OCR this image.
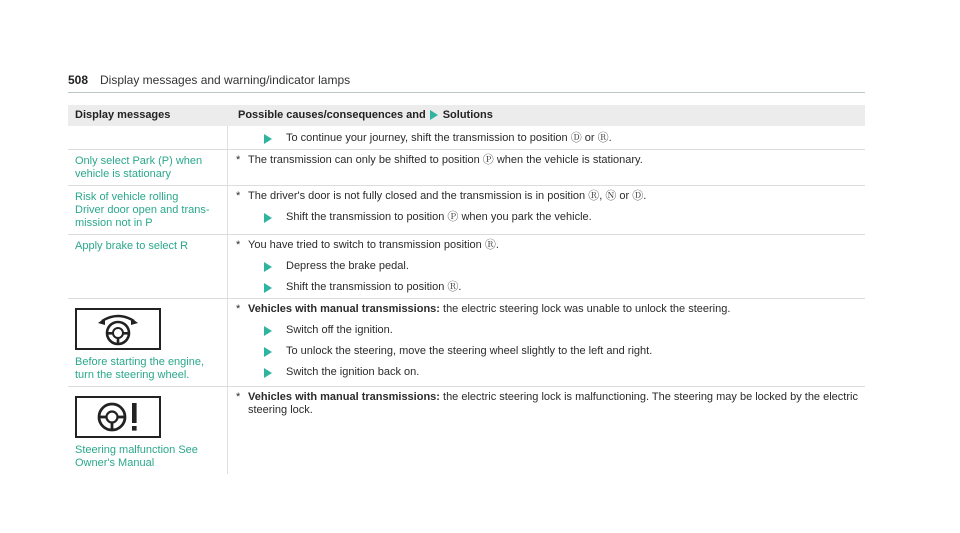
508 Display messages and warning/indicator lamps
Display messages	Possible causes/consequences and Solutions
To continue your journey, shift the transmission to position Ⓓ or Ⓡ.
Only select Park (P) when
vehicle is stationary
* The transmission can only be shifted to position Ⓟ when the vehicle is stationary.
Risk of vehicle rolling
Driver door open and trans-
mission not in P
* The driver's door is not fully closed and the transmission is in position Ⓡ, Ⓝ or Ⓓ.
Shift the transmission to position Ⓟ when you park the vehicle.
Apply brake to select R	* You have tried to switch to transmission position Ⓡ.
Depress the brake pedal.
Shift the transmission to position Ⓡ.
Before starting the engine,
turn the steering wheel.
* Vehicles with manual transmissions: the electric steering lock was unable to unlock the steering.
Switch off the ignition.
To unlock the steering, move the steering wheel slightly to the left and right.
Switch the ignition back on.
Steering malfunction See
Owner's Manual
* Vehicles with manual transmissions: the electric steering lock is malfunctioning. The steering may be locked by the electric steering lock.
